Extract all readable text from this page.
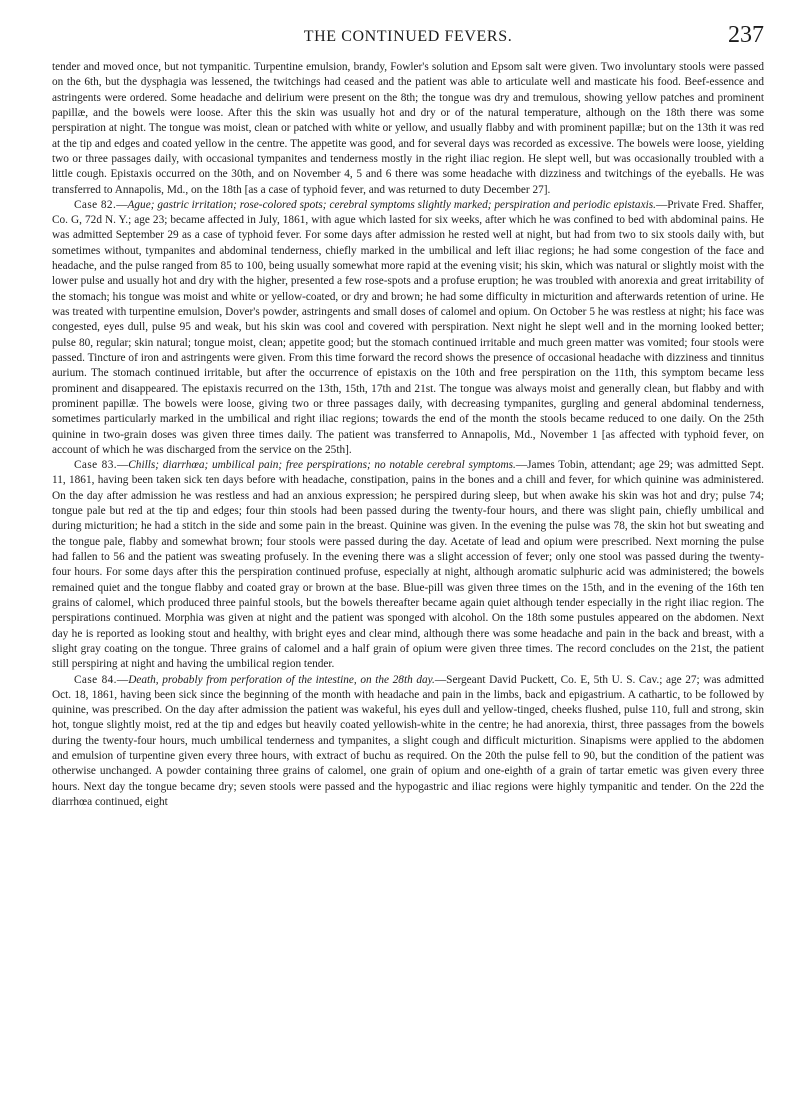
THE CONTINUED FEVERS.	237

tender and moved once, but not tympanitic. Turpentine emulsion, brandy, Fowler's solution and Epsom salt were given. Two involuntary stools were passed on the 6th, but the dysphagia was lessened, the twitchings had ceased and the patient was able to articulate well and masticate his food. Beef-essence and astringents were ordered. Some headache and delirium were present on the 8th; the tongue was dry and tremulous, showing yellow patches and prominent papillæ, and the bowels were loose. After this the skin was usually hot and dry or of the natural temperature, although on the 18th there was some perspiration at night. The tongue was moist, clean or patched with white or yellow, and usually flabby and with prominent papillæ; but on the 13th it was red at the tip and edges and coated yellow in the centre. The appetite was good, and for several days was recorded as excessive. The bowels were loose, yielding two or three passages daily, with occasional tympanites and tenderness mostly in the right iliac region. He slept well, but was occasionally troubled with a little cough. Epistaxis occurred on the 30th, and on November 4, 5 and 6 there was some headache with dizziness and twitchings of the eyeballs. He was transferred to Annapolis, Md., on the 18th [as a case of typhoid fever, and was returned to duty December 27].

Case 82.—Ague; gastric irritation; rose-colored spots; cerebral symptoms slightly marked; perspiration and periodic epistaxis.—Private Fred. Shaffer, Co. G, 72d N. Y.; age 23; became affected in July, 1861, with ague which lasted for six weeks, after which he was confined to bed with abdominal pains. He was admitted September 29 as a case of typhoid fever. For some days after admission he rested well at night, but had from two to six stools daily with, but sometimes without, tympanites and abdominal tenderness, chiefly marked in the umbilical and left iliac regions; he had some congestion of the face and headache, and the pulse ranged from 85 to 100, being usually somewhat more rapid at the evening visit; his skin, which was natural or slightly moist with the lower pulse and usually hot and dry with the higher, presented a few rose-spots and a profuse eruption; he was troubled with anorexia and great irritability of the stomach; his tongue was moist and white or yellow-coated, or dry and brown; he had some difficulty in micturition and afterwards retention of urine. He was treated with turpentine emulsion, Dover's powder, astringents and small doses of calomel and opium. On October 5 he was restless at night; his face was congested, eyes dull, pulse 95 and weak, but his skin was cool and covered with perspiration. Next night he slept well and in the morning looked better; pulse 80, regular; skin natural; tongue moist, clean; appetite good; but the stomach continued irritable and much green matter was vomited; four stools were passed. Tincture of iron and astringents were given. From this time forward the record shows the presence of occasional headache with dizziness and tinnitus aurium. The stomach continued irritable, but after the occurrence of epistaxis on the 10th and free perspiration on the 11th, this symptom became less prominent and disappeared. The epistaxis recurred on the 13th, 15th, 17th and 21st. The tongue was always moist and generally clean, but flabby and with prominent papillæ. The bowels were loose, giving two or three passages daily, with decreasing tympanites, gurgling and general abdominal tenderness, sometimes particularly marked in the umbilical and right iliac regions; towards the end of the month the stools became reduced to one daily. On the 25th quinine in two-grain doses was given three times daily. The patient was transferred to Annapolis, Md., November 1 [as affected with typhoid fever, on account of which he was discharged from the service on the 25th].

Case 83.—Chills; diarrhœa; umbilical pain; free perspirations; no notable cerebral symptoms.—James Tobin, attendant; age 29; was admitted Sept. 11, 1861, having been taken sick ten days before with headache, constipation, pains in the bones and a chill and fever, for which quinine was administered. On the day after admission he was restless and had an anxious expression; he perspired during sleep, but when awake his skin was hot and dry; pulse 74; tongue pale but red at the tip and edges; four thin stools had been passed during the twenty-four hours, and there was slight pain, chiefly umbilical and during micturition; he had a stitch in the side and some pain in the breast. Quinine was given. In the evening the pulse was 78, the skin hot but sweating and the tongue pale, flabby and somewhat brown; four stools were passed during the day. Acetate of lead and opium were prescribed. Next morning the pulse had fallen to 56 and the patient was sweating profusely. In the evening there was a slight accession of fever; only one stool was passed during the twenty-four hours. For some days after this the perspiration continued profuse, especially at night, although aromatic sulphuric acid was administered; the bowels remained quiet and the tongue flabby and coated gray or brown at the base. Blue-pill was given three times on the 15th, and in the evening of the 16th ten grains of calomel, which produced three painful stools, but the bowels thereafter became again quiet although tender especially in the right iliac region. The perspirations continued. Morphia was given at night and the patient was sponged with alcohol. On the 18th some pustules appeared on the abdomen. Next day he is reported as looking stout and healthy, with bright eyes and clear mind, although there was some headache and pain in the back and breast, with a slight gray coating on the tongue. Three grains of calomel and a half grain of opium were given three times. The record concludes on the 21st, the patient still perspiring at night and having the umbilical region tender.

Case 84.—Death, probably from perforation of the intestine, on the 28th day.—Sergeant David Puckett, Co. E, 5th U. S. Cav.; age 27; was admitted Oct. 18, 1861, having been sick since the beginning of the month with headache and pain in the limbs, back and epigastrium. A cathartic, to be followed by quinine, was prescribed. On the day after admission the patient was wakeful, his eyes dull and yellow-tinged, cheeks flushed, pulse 110, full and strong, skin hot, tongue slightly moist, red at the tip and edges but heavily coated yellowish-white in the centre; he had anorexia, thirst, three passages from the bowels during the twenty-four hours, much umbilical tenderness and tympanites, a slight cough and difficult micturition. Sinapisms were applied to the abdomen and emulsion of turpentine given every three hours, with extract of buchu as required. On the 20th the pulse fell to 90, but the condition of the patient was otherwise unchanged. A powder containing three grains of calomel, one grain of opium and one-eighth of a grain of tartar emetic was given every three hours. Next day the tongue became dry; seven stools were passed and the hypogastric and iliac regions were highly tympanitic and tender. On the 22d the diarrhœa continued, eight
